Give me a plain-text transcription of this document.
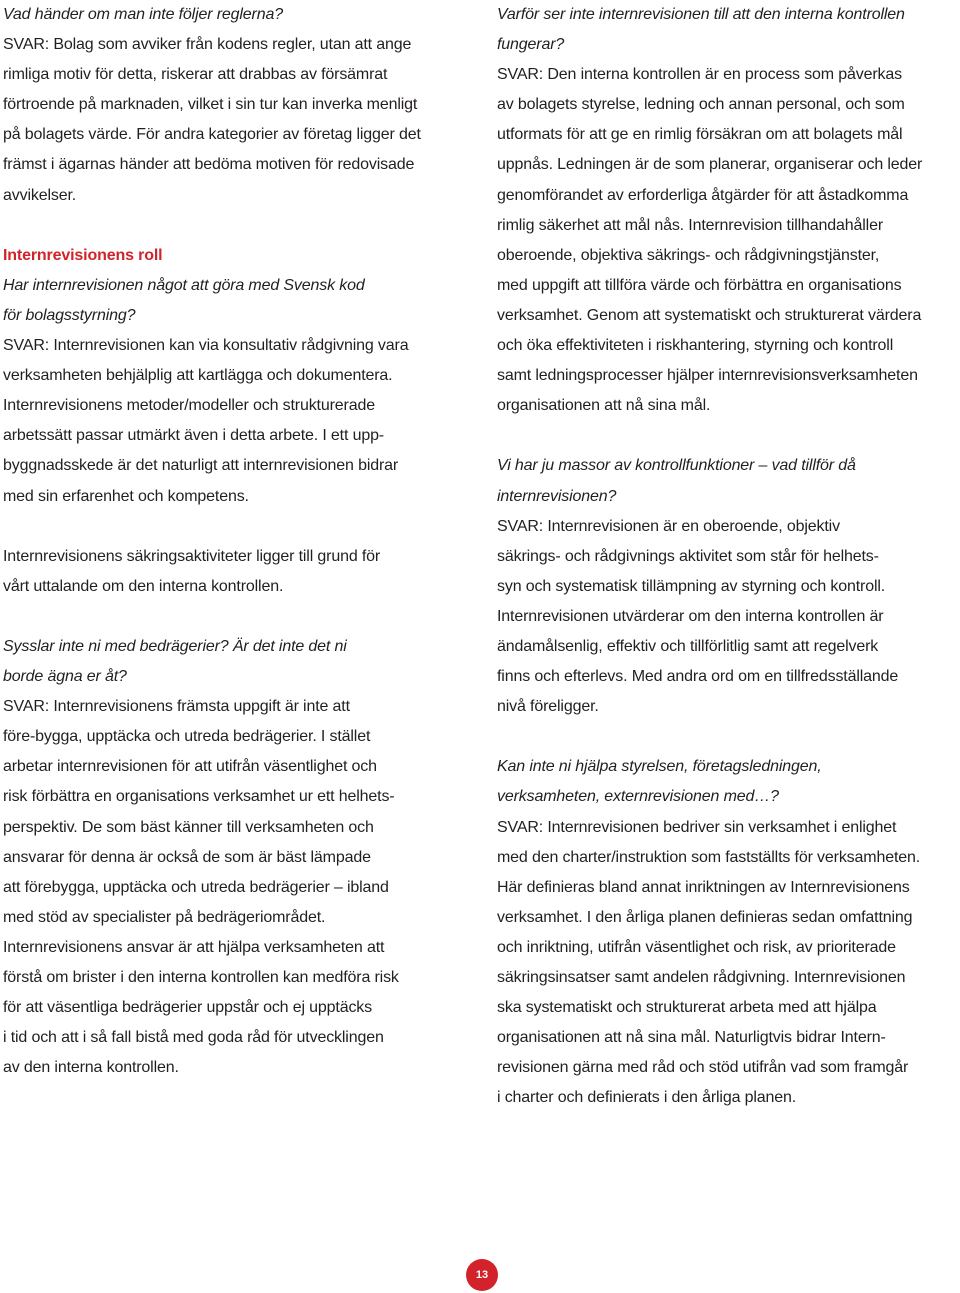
Vad händer om man inte följer reglerna?
SVAR: Bolag som avviker från kodens regler, utan att ange
rimliga motiv för detta, riskerar att drabbas av försämrat
förtroende på marknaden, vilket i sin tur kan inverka menligt
på bolagets värde. För andra kategorier av företag ligger det
främst i ägarnas händer att bedöma motiven för redovisade
avvikelser.
Internrevisionens roll
Har internrevisionen något att göra med Svensk kod
för bolagsstyrning?
SVAR: Internrevisionen kan via konsultativ rådgivning vara
verksamheten behjälplig att kartlägga och dokumentera.
Internrevisionens metoder/modeller och strukturerade
arbetssätt passar utmärkt även i detta arbete. I ett upp-
byggnadsskede är det naturligt att internrevisionen bidrar
med sin erfarenhet och kompetens.
Internrevisionens säkringsaktiviteter ligger till grund för
vårt uttalande om den interna kontrollen.
Sysslar inte ni med bedrägerier? Är det inte det ni
borde ägna er åt?
SVAR: Internrevisionens främsta uppgift är inte att
före-bygga, upptäcka och utreda bedrägerier. I stället
arbetar internrevisionen för att utifrån väsentlighet och
risk förbättra en organisations verksamhet ur ett helhets-
perspektiv. De som bäst känner till verksamheten och
ansvarar för denna är också de som är bäst lämpade
att förebygga, upptäcka och utreda bedrägerier – ibland
med stöd av specialister på bedrägeriområdet.
Internrevisionens ansvar är att hjälpa verksamheten att
förstå om brister i den interna kontrollen kan medföra risk
för att väsentliga bedrägerier uppstår och ej upptäcks
i tid och att i så fall bistå med goda råd för utvecklingen
av den interna kontrollen.
Varför ser inte internrevisionen till att den interna kontrollen
fungerar?
SVAR: Den interna kontrollen är en process som påverkas
av bolagets styrelse, ledning och annan personal, och som
utformats för att ge en rimlig försäkran om att bolagets mål
uppnås. Ledningen är de som planerar, organiserar och leder
genomförandet av erforderliga åtgärder för att åstadkomma
rimlig säkerhet att mål nås. Internrevision tillhandahåller
oberoende, objektiva säkrings- och rådgivningstjänster,
med uppgift att tillföra värde och förbättra en organisations
verksamhet. Genom att systematiskt och strukturerat värdera
och öka effektiviteten i riskhantering, styrning och kontroll
samt ledningsprocesser hjälper internrevisionsverksamheten
organisationen att nå sina mål.
Vi har ju massor av kontrollfunktioner – vad tillför då
internrevisionen?
SVAR: Internrevisionen är en oberoende, objektiv
säkrings- och rådgivnings aktivitet som står för helhets-
syn och systematisk tillämpning av styrning och kontroll.
Internrevisionen utvärderar om den interna kontrollen är
ändamålsenlig, effektiv och tillförlitlig samt att regelverk
finns och efterlevs. Med andra ord om en tillfredsställande
nivå föreligger.
Kan inte ni hjälpa styrelsen, företagsledningen,
verksamheten, externrevisionen med…?
SVAR: Internrevisionen bedriver sin verksamhet i enlighet
med den charter/instruktion som fastställts för verksamheten.
Här definieras bland annat inriktningen av Internrevisionens
verksamhet. I den årliga planen definieras sedan omfattning
och inriktning, utifrån väsentlighet och risk, av prioriterade
säkringsinsatser samt andelen rådgivning. Internrevisionen
ska systematiskt och strukturerat arbeta med att hjälpa
organisationen att nå sina mål. Naturligtvis bidrar Intern-
revisionen gärna med råd och stöd utifrån vad som framgår
i charter och definierats i den årliga planen.
13
